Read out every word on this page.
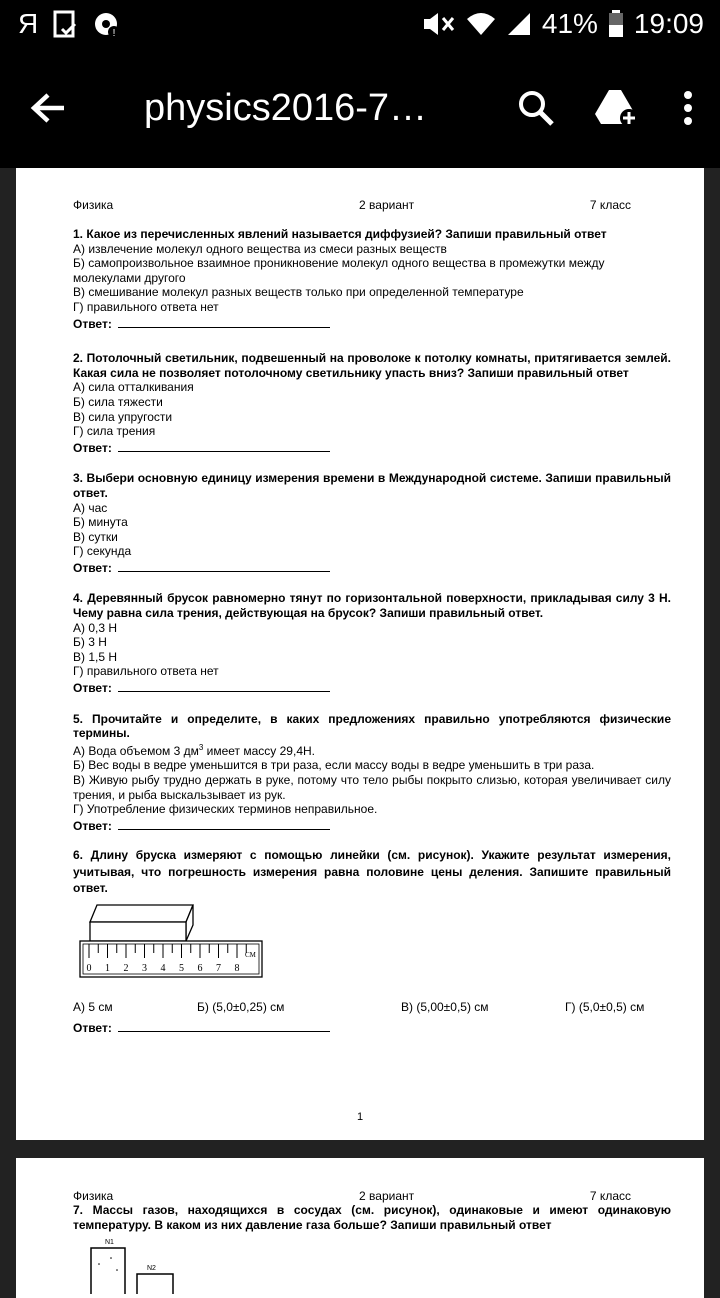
Я	!	41% 19:09
physics2016-7…
Физика	2 вариант	7 класс
1. Какое из перечисленных явлений называется диффузией? Запиши правильный ответ
А) извлечение молекул одного вещества из смеси разных веществ
Б) самопроизвольное взаимное проникновение молекул одного вещества в промежутки между молекулами другого
В) смешивание молекул разных веществ только при определенной температуре
Г) правильного ответа нет
Ответ:
2. Потолочный светильник, подвешенный на проволоке к потолку комнаты, притягивается землей. Какая сила не позволяет потолочному светильнику упасть вниз? Запиши правильный ответ
А) сила отталкивания
Б) сила тяжести
В) сила упругости
Г) сила трения
Ответ:
3. Выбери основную единицу измерения времени в Международной системе. Запиши правильный ответ.
А) час
Б) минута
В) сутки
Г) секунда
Ответ:
4. Деревянный брусок равномерно тянут по горизонтальной поверхности, прикладывая силу 3 Н. Чему равна сила трения, действующая на брусок? Запиши правильный ответ.
А) 0,3 Н
Б) 3 Н
В) 1,5 Н
Г) правильного ответа нет
Ответ:
5. Прочитайте и определите, в каких предложениях правильно употребляются физические термины.
А) Вода объемом 3 $дм^3$ имеет массу 29,4Н.
Б) Вес воды в ведре уменьшится в три раза, если массу воды в ведре уменьшить в три раза.
В) Живую рыбу трудно держать в руке, потому что тело рыбы покрыто слизью, которая увеличивает силу трения, и рыба выскальзывает из рук.
Г) Употребление физических терминов неправильное.
Ответ:
6. Длину бруска измеряют с помощью линейки (см. рисунок). Укажите результат измерения, учитывая, что погрешность измерения равна половине цены деления. Запишите правильный ответ.
0 1 2 3 4 5 6 7 8
СМ
А) 5 см	Б) (5,0±0,25) см	В) (5,00±0,5) см	Г) (5,0±0,5) см
Ответ:
1
Физика	2 вариант	7 класс
7. Массы газов, находящихся в сосудах (см. рисунок), одинаковые и имеют одинаковую температуру. В каком из них давление газа больше? Запиши правильный ответ
N1
N2
